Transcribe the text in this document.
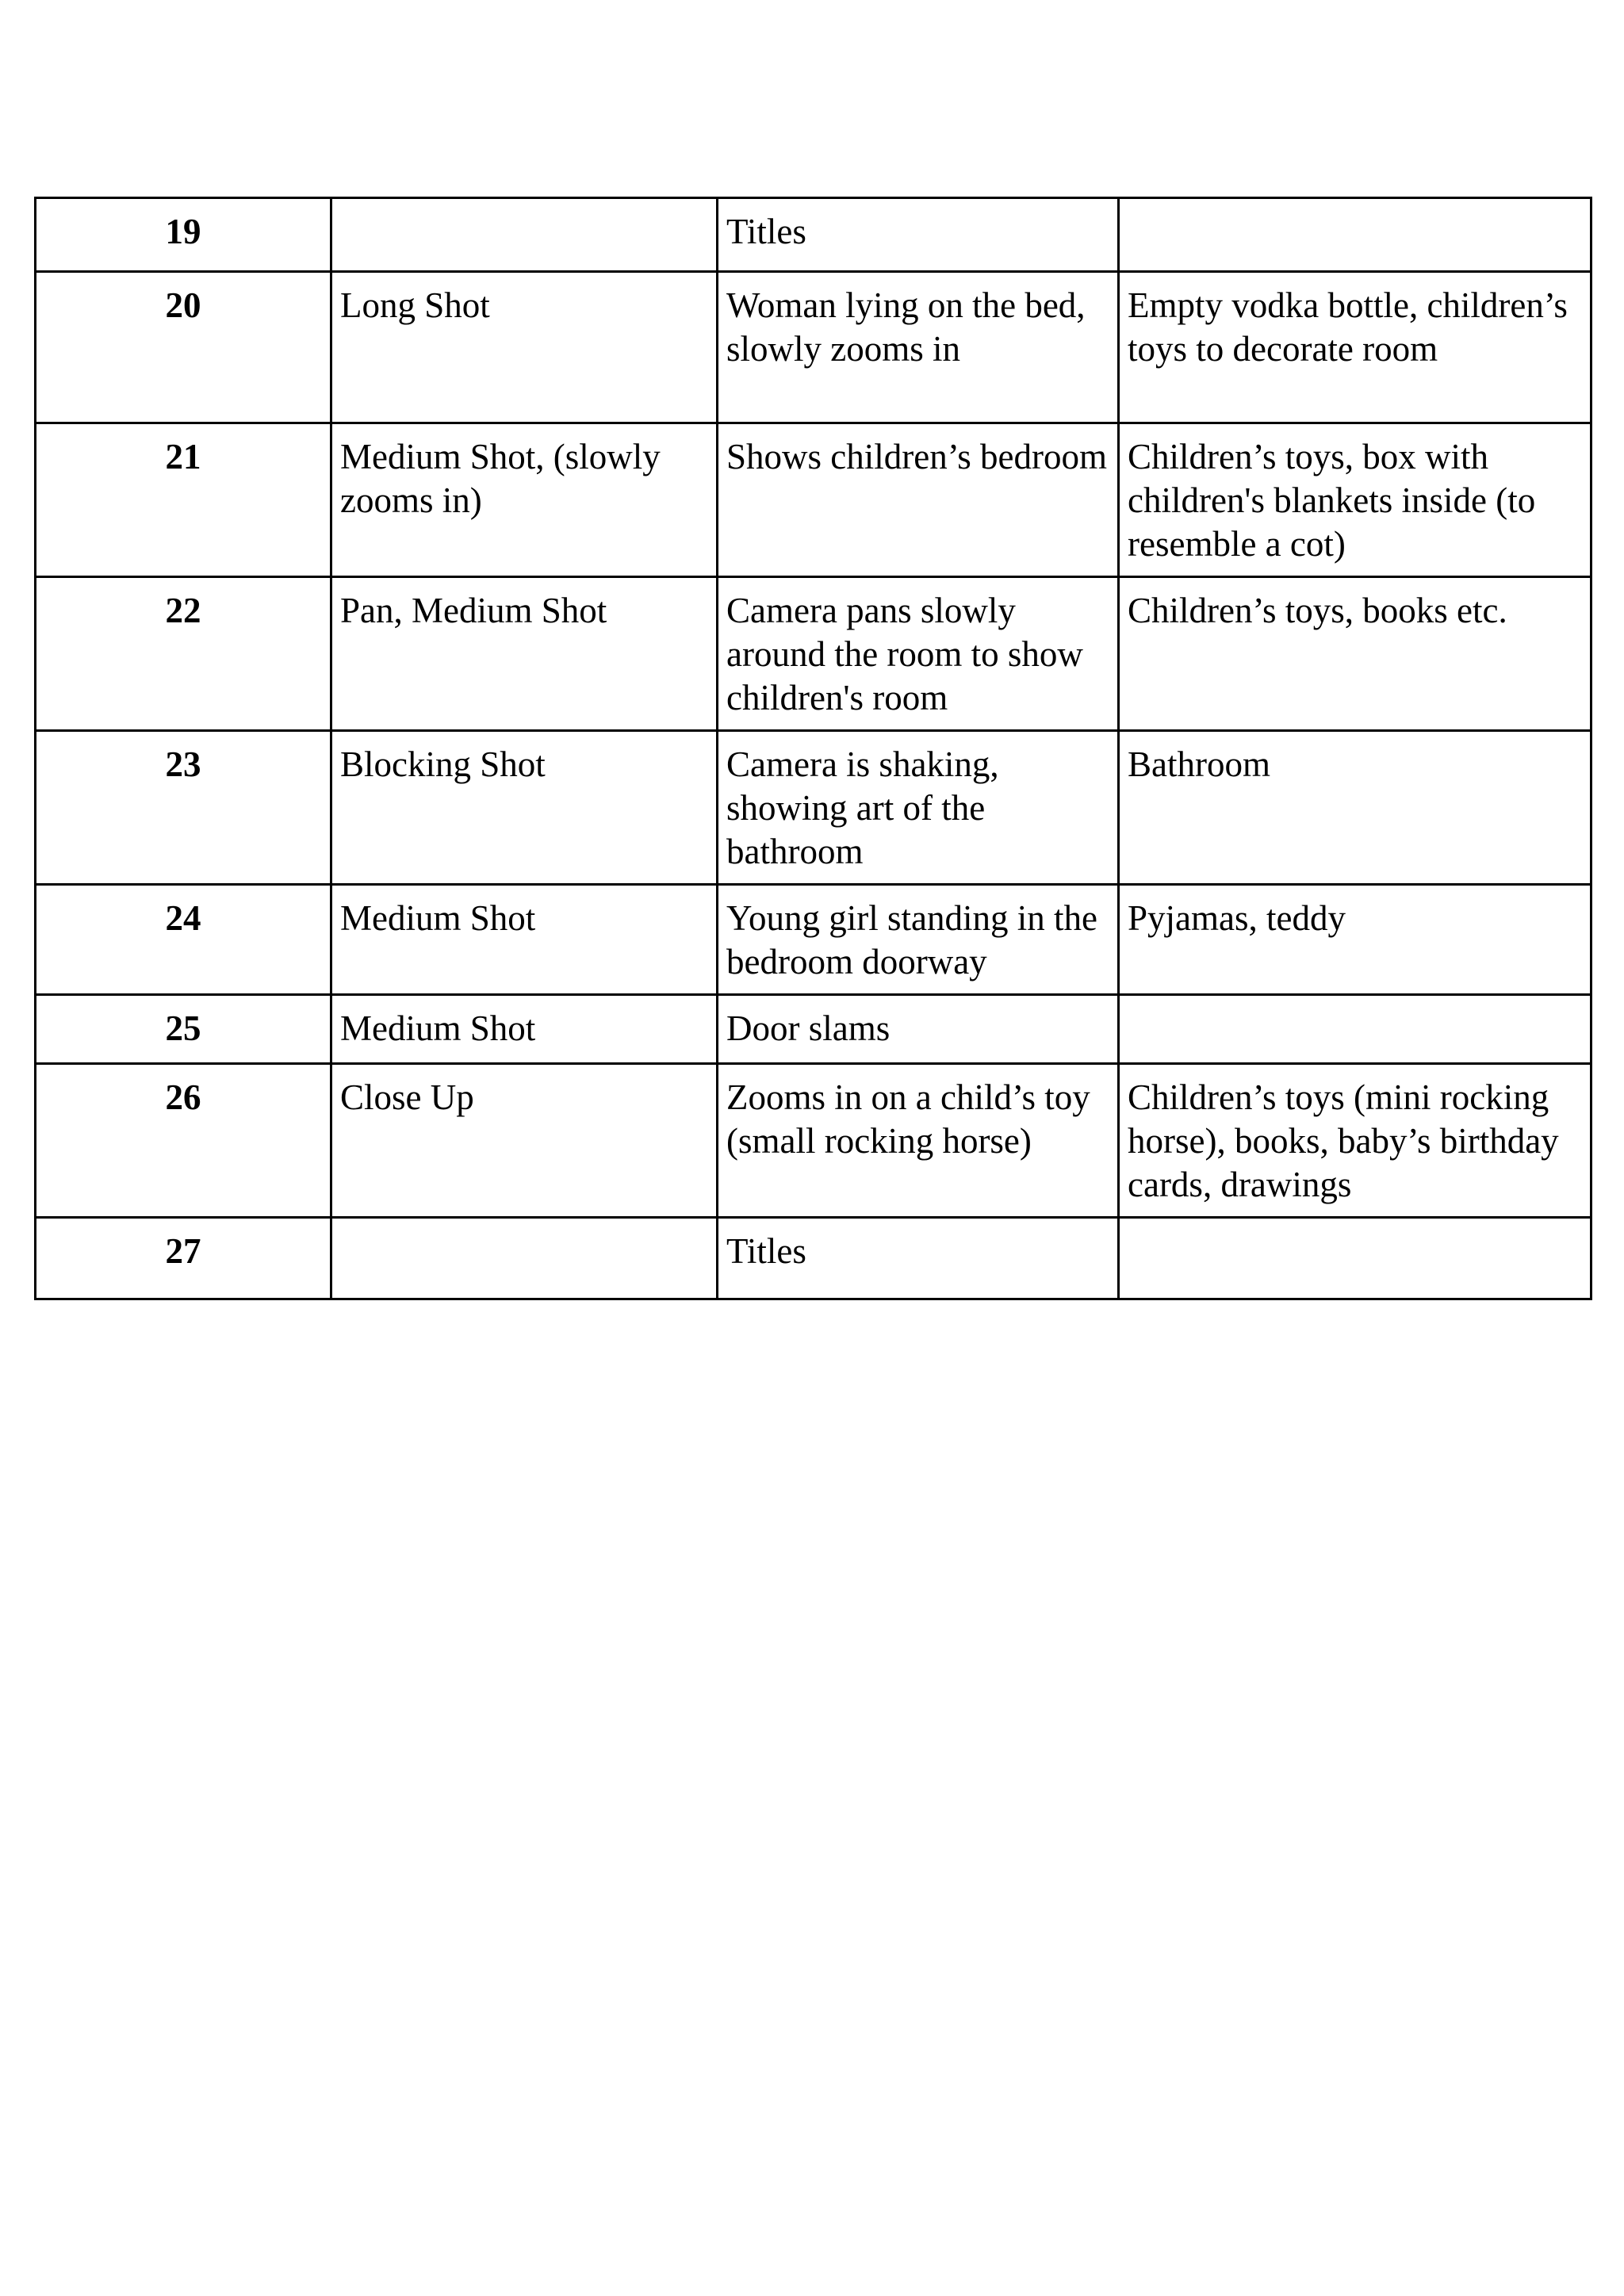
19		Titles	
20	Long Shot	Woman lying on the bed, slowly zooms in	Empty vodka bottle, children’s toys to decorate room
21	Medium Shot, (slowly zooms in)	Shows children’s bedroom	Children’s toys, box with children's blankets inside (to resemble a cot)
22	Pan, Medium Shot	Camera pans slowly around the room to show children's room	Children’s toys, books etc.
23	Blocking Shot	Camera is shaking, showing art of the bathroom	Bathroom
24	Medium Shot	Young girl standing in the bedroom doorway	Pyjamas, teddy
25	Medium Shot	Door slams	
26	Close Up	Zooms in on a child’s toy (small rocking horse)	Children’s toys (mini rocking horse), books, baby’s birthday cards, drawings
27		Titles	
